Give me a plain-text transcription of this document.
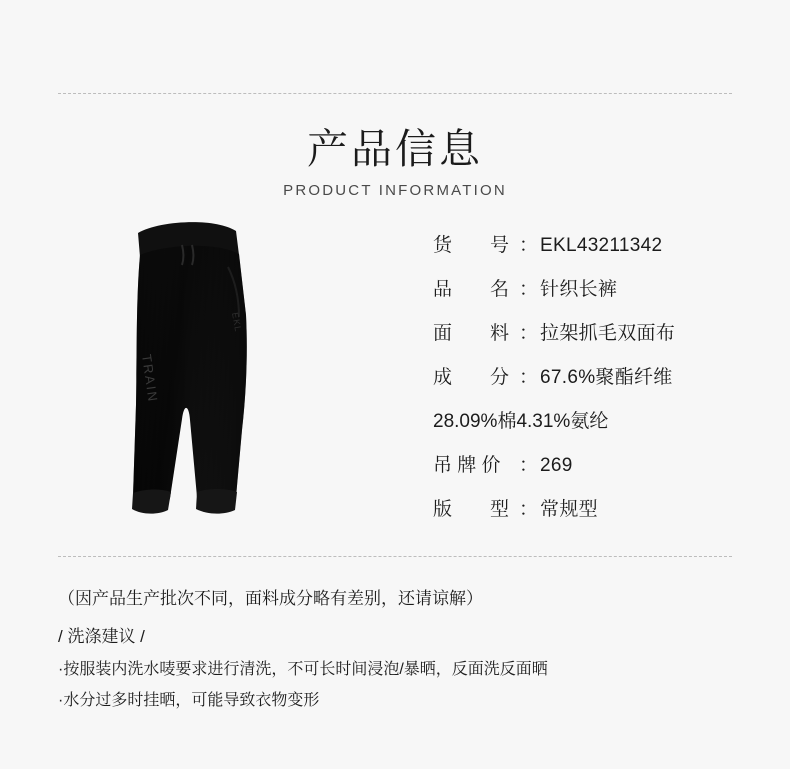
产品信息
PRODUCT INFORMATION
TRAIN
EKL
货　　号 ： EKL43211342
品　　名 ： 针织长裤
面　　料 ： 拉架抓毛双面布
成　　分 ： 67.6%聚酯纤维
28.09%棉4.31%氨纶
吊 牌 价 ： 269
版　　型 ： 常规型
（因产品生产批次不同，面料成分略有差别，还请谅解）
/ 洗涤建议 /
·按服装内洗水唛要求进行清洗，不可长时间浸泡/暴晒，反面洗反面晒
·水分过多时挂晒，可能导致衣物变形
